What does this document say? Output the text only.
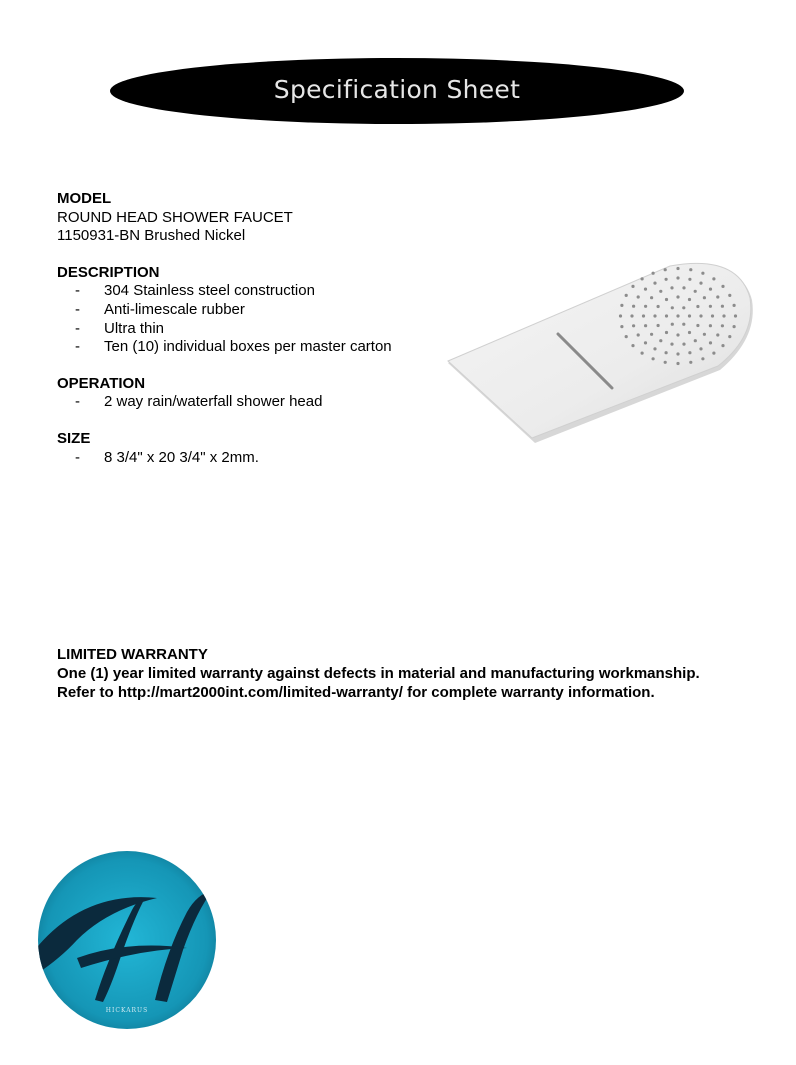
Specification Sheet
MODEL
ROUND HEAD SHOWER FAUCET
1150931-BN Brushed Nickel
DESCRIPTION
-	304 Stainless steel construction
-	Anti-limescale rubber
-	Ultra thin
-	Ten (10) individual boxes per master carton
OPERATION
-	2 way rain/waterfall shower head
SIZE
-	8 3/4" x 20 3/4" x 2mm.
LIMITED WARRANTY
One (1) year limited warranty against defects in material and manufacturing workmanship.
Refer to http://mart2000int.com/limited-warranty/ for complete warranty information.
HICKARUS
